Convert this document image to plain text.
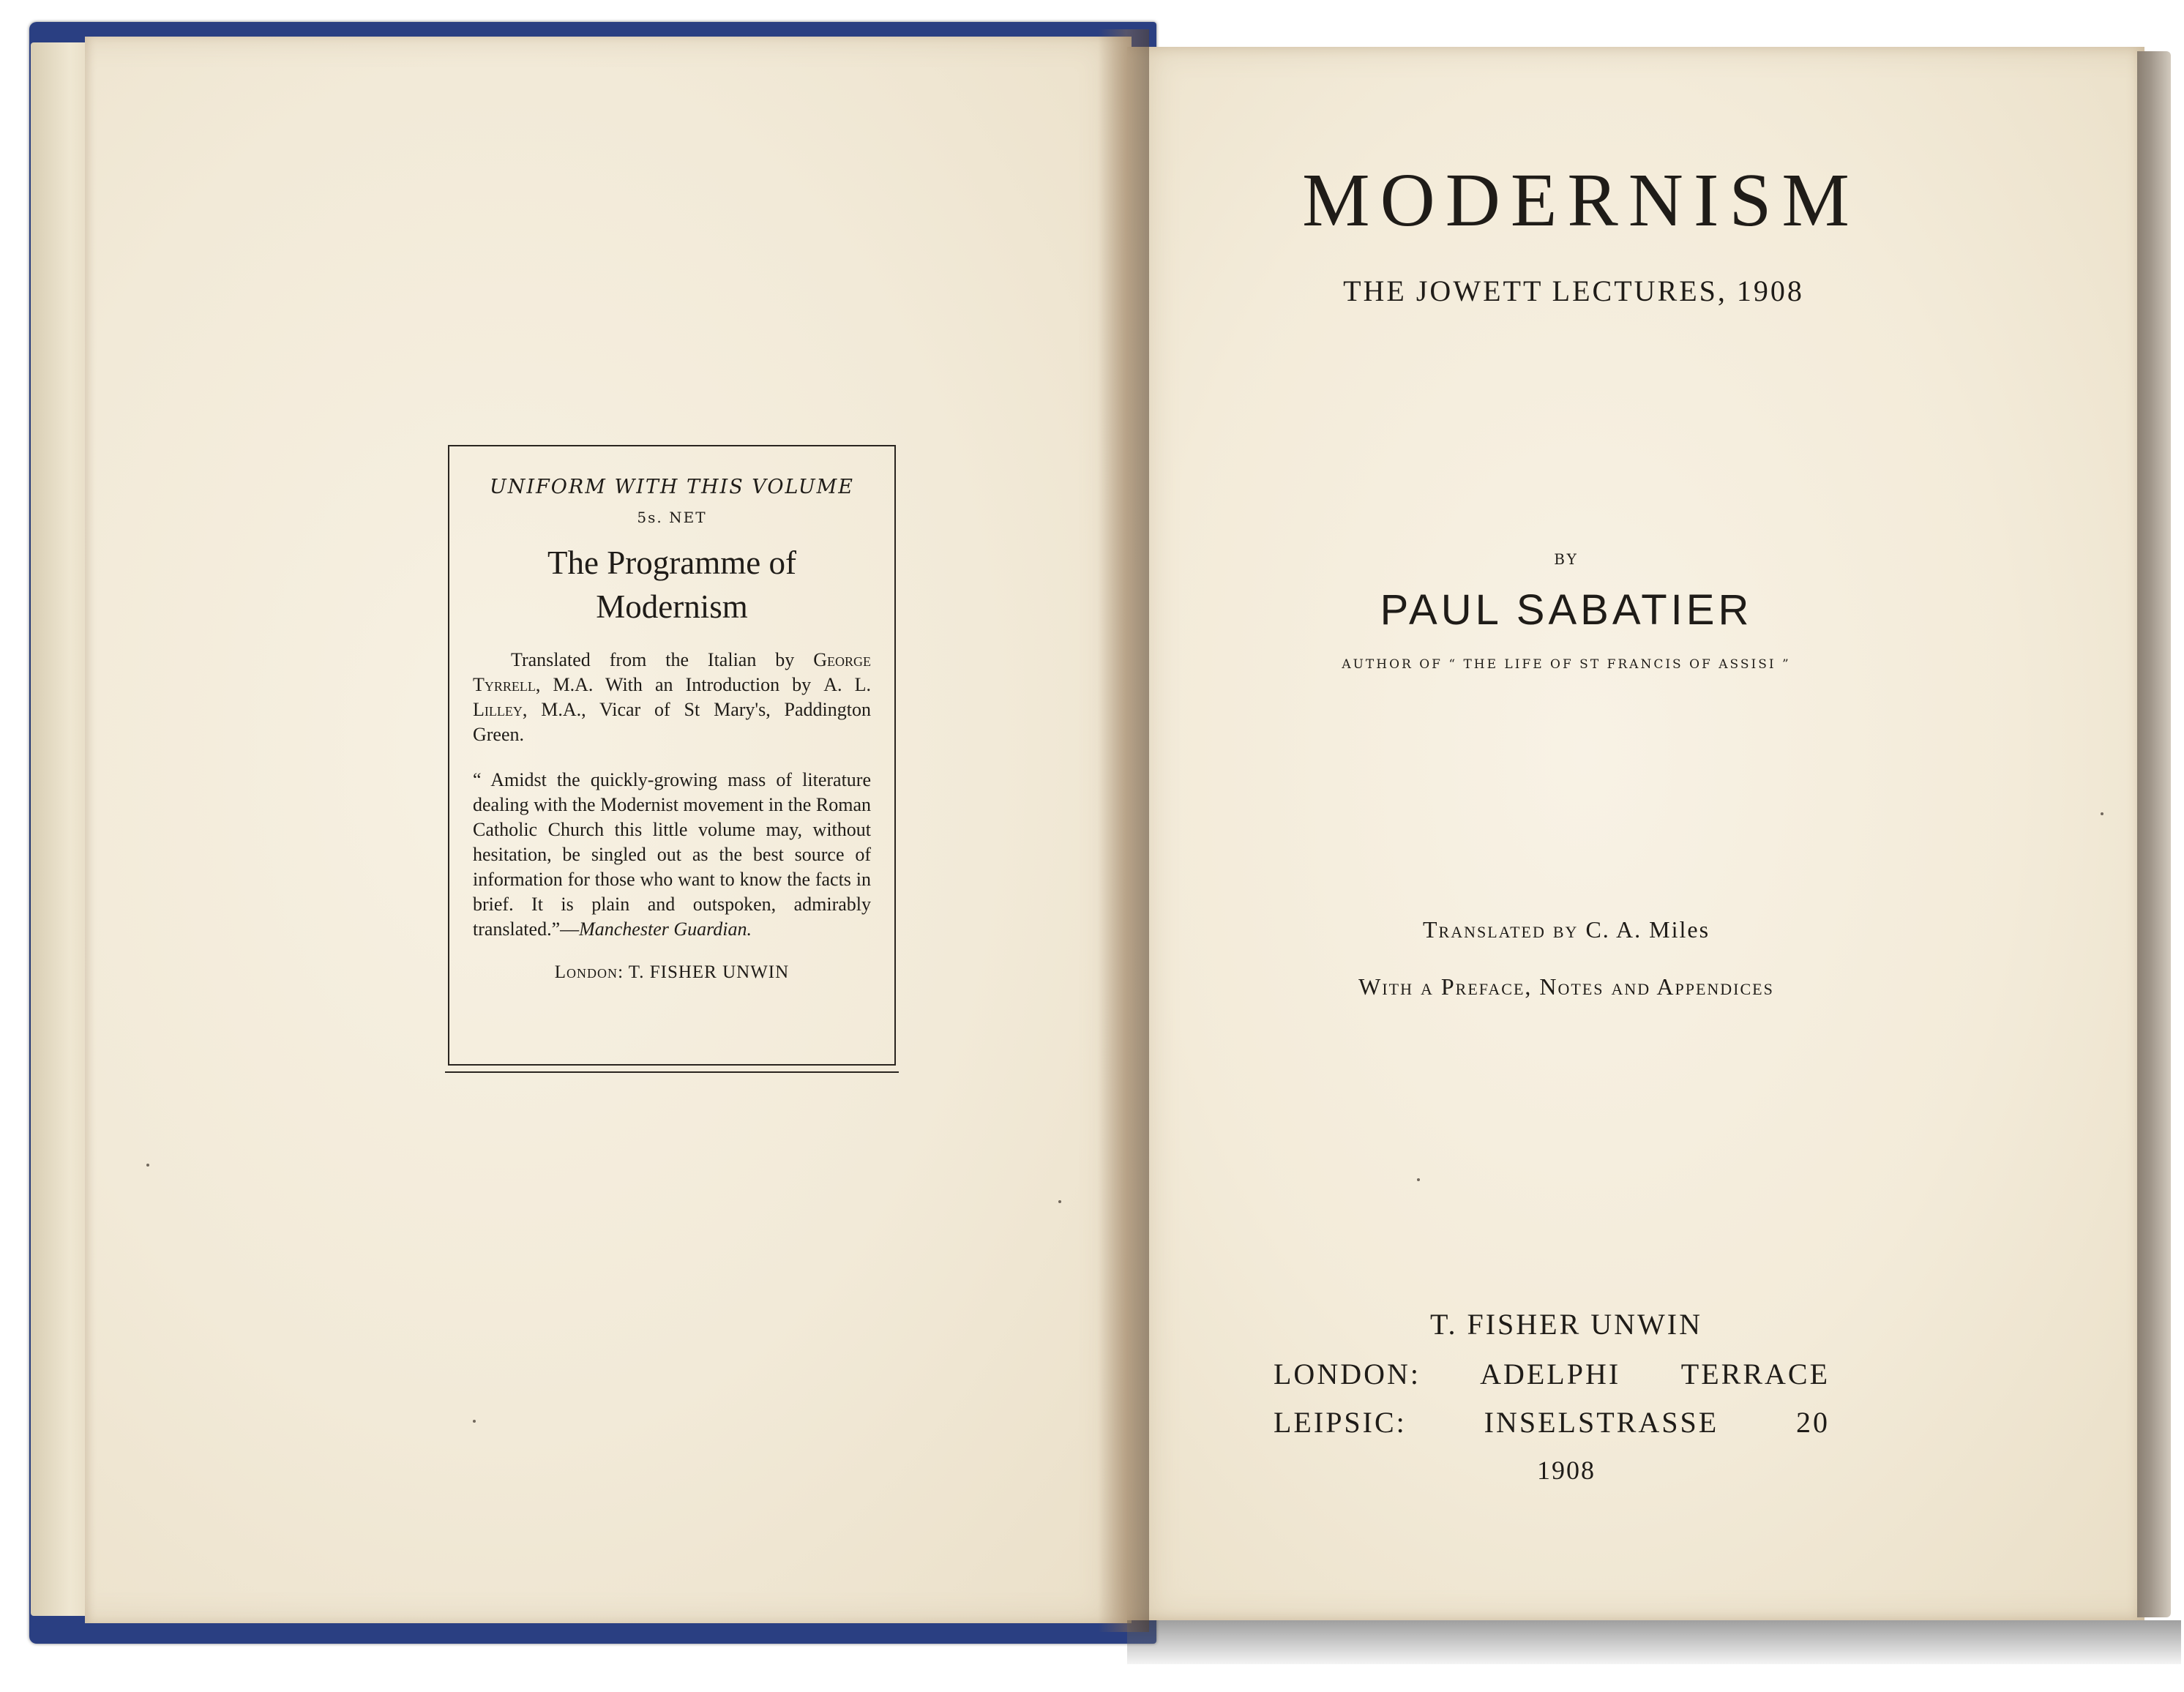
UNIFORM WITH THIS VOLUME

5s. NET

The Programme of
Modernism

Translated from the Italian by George Tyrrell, M.A. With an Introduction by A. L. Lilley, M.A., Vicar of St Mary's, Paddington Green.

“ Amidst the quickly-growing mass of literature dealing with the Modernist movement in the Roman Catholic Church this little volume may, without hesitation, be singled out as the best source of information for those who want to know the facts in brief. It is plain and outspoken, admirably translated.”—Manchester Guardian.

London: T. FISHER UNWIN

MODERNISM

THE JOWETT LECTURES, 1908

BY

PAUL SABATIER

AUTHOR OF “ THE LIFE OF ST FRANCIS OF ASSISI ”

Translated by C. A. Miles

With a Preface, Notes and Appendices

T. FISHER UNWIN

LONDON: ADELPHI TERRACE

LEIPSIC: INSELSTRASSE 20

1908
